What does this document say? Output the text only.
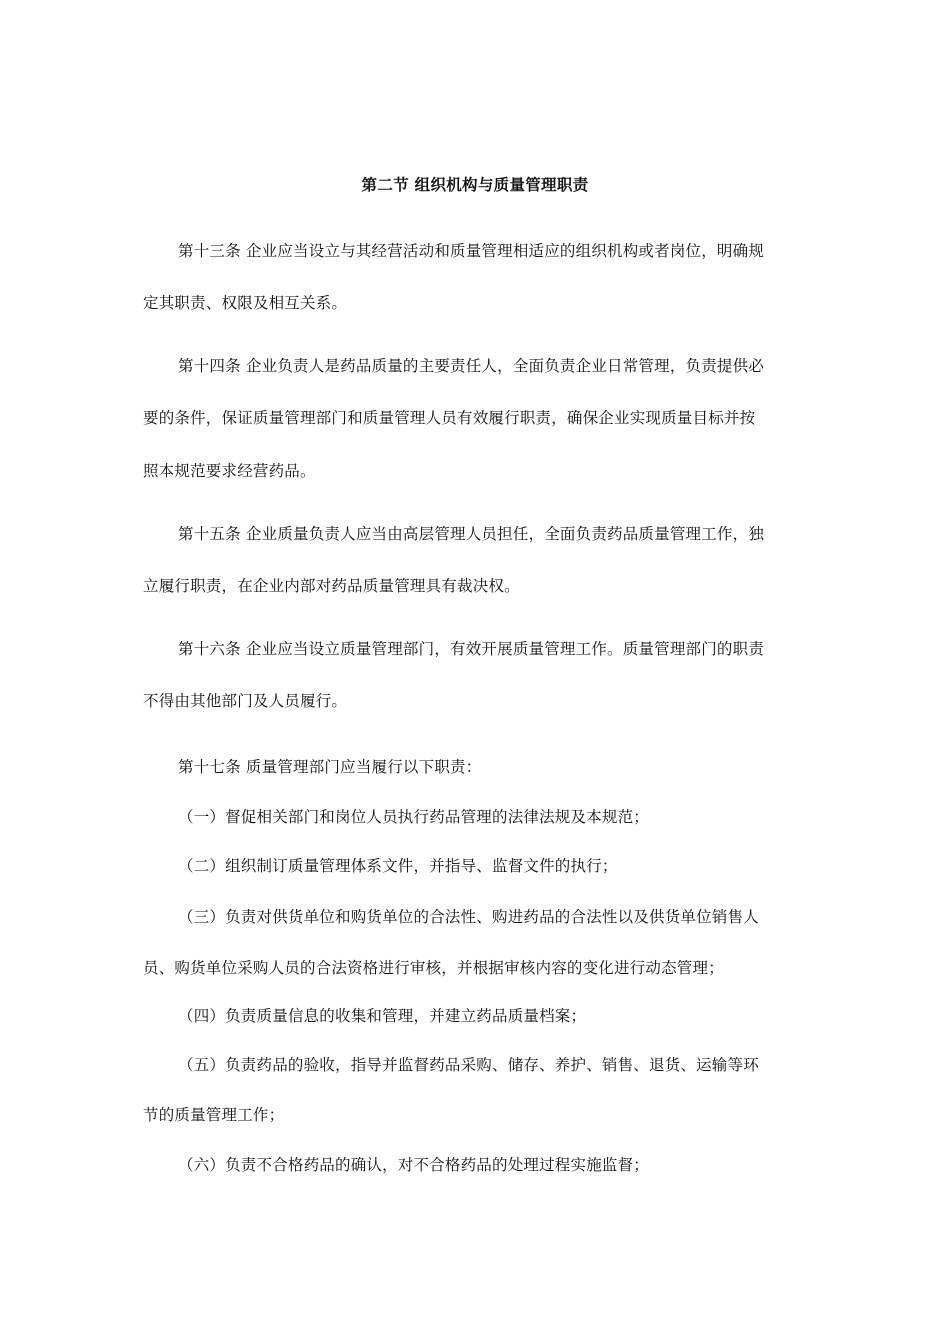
第二节 组织机构与质量管理职责
第十三条 企业应当设立与其经营活动和质量管理相适应的组织机构或者岗位，明确规
定其职责、权限及相互关系。
第十四条 企业负责人是药品质量的主要责任人，全面负责企业日常管理，负责提供必
要的条件，保证质量管理部门和质量管理人员有效履行职责，确保企业实现质量目标并按
照本规范要求经营药品。
第十五条 企业质量负责人应当由高层管理人员担任，全面负责药品质量管理工作，独
立履行职责，在企业内部对药品质量管理具有裁决权。
第十六条 企业应当设立质量管理部门，有效开展质量管理工作。质量管理部门的职责
不得由其他部门及人员履行。
第十七条 质量管理部门应当履行以下职责：
（一）督促相关部门和岗位人员执行药品管理的法律法规及本规范；
（二）组织制订质量管理体系文件，并指导、监督文件的执行；
（三）负责对供货单位和购货单位的合法性、购进药品的合法性以及供货单位销售人
员、购货单位采购人员的合法资格进行审核，并根据审核内容的变化进行动态管理；
（四）负责质量信息的收集和管理，并建立药品质量档案；
（五）负责药品的验收，指导并监督药品采购、储存、养护、销售、退货、运输等环
节的质量管理工作；
（六）负责不合格药品的确认，对不合格药品的处理过程实施监督；
